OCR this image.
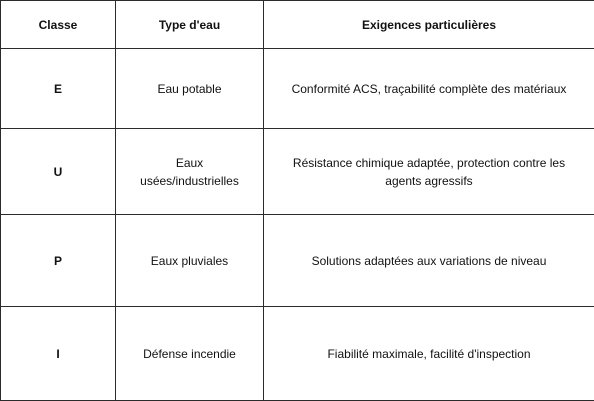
Classe	Type d'eau	Exigences particulières
E	Eau potable	Conformité ACS, traçabilité complète des matériaux
U	Eaux usées/industrielles	Résistance chimique adaptée, protection contre les agents agressifs
P	Eaux pluviales	Solutions adaptées aux variations de niveau
I	Défense incendie	Fiabilité maximale, facilité d'inspection
